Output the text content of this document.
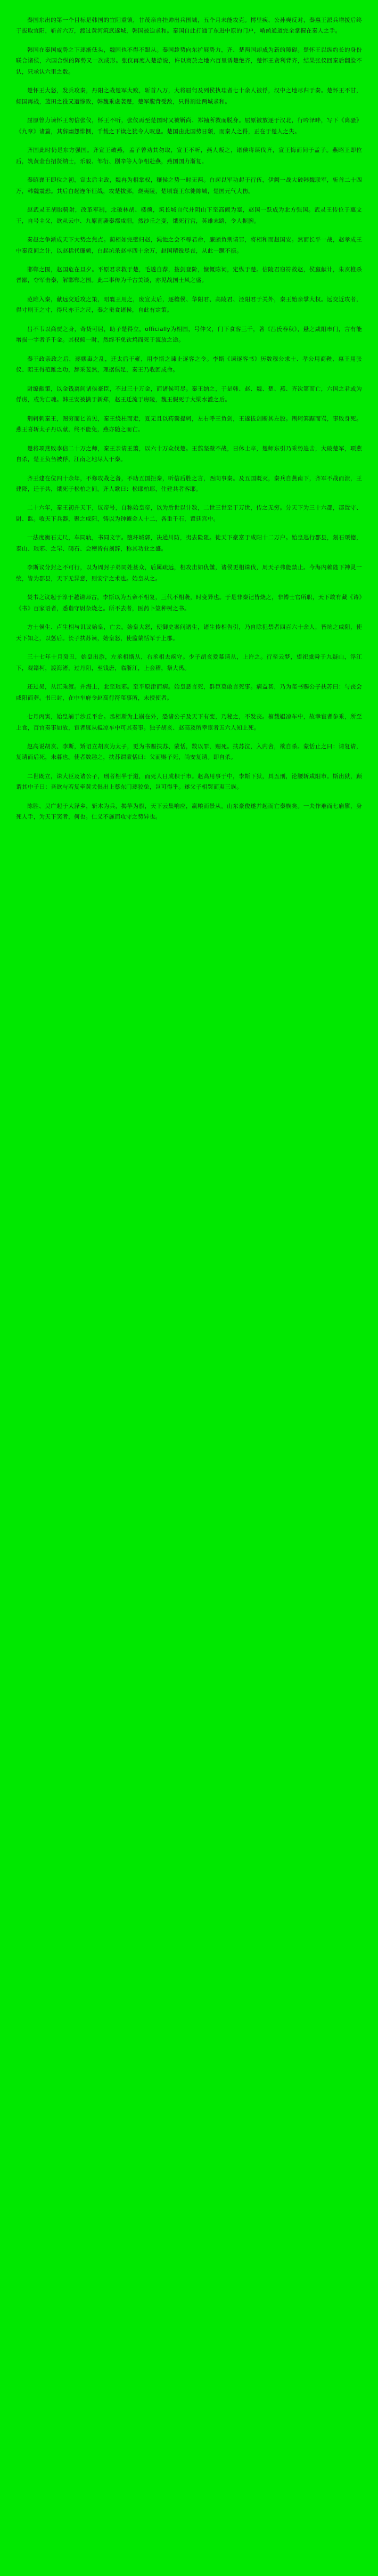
秦国东出的第一个目标是韩国的宜阳重镇，甘茂亲自挂帅出兵围城，五个月未能攻克。樗里疾、公孙奭反对，秦惠王派兵增援后终于拔取宜阳，斩首六万，渡过黄河筑武遂城，韩国被迫求和。秦国自此打通了东进中原的门户，崤函通道完全掌握在秦人之手。

韩国在秦国威势之下逐渐低头，魏国也不得不跟从。秦国趁势向东扩展势力，齐、楚两国却成为新的障碍。楚怀王以纵约长的身份联合诸侯，六国合纵的阵势又一次成形。张仪再度入楚游说，许以商於之地六百里诱楚绝齐，楚怀王贪利背齐，结果张仪回秦后翻脸不认，只承认六里之数。

楚怀王大怒，发兵攻秦，丹阳之战楚军大败，斩首八万，大将屈匄及列侯执珪者七十余人被俘，汉中之地尽归于秦。楚怀王不甘，倾国再战，蓝田之役又遭惨败，韩魏乘虚袭楚，楚军腹背受敌，只得割让两城求和。

屈原曾力谏怀王勿信张仪，怀王不听，张仪再至楚国时又被靳尚、郑袖所救而脱身。屈原被放逐于汉北，行吟泽畔，写下《离骚》《九章》诸篇，其辞幽怨悱恻，千载之下读之犹令人叹息。楚国由此国势日颓，而秦人之得，正在于楚人之失。

齐国此时仍是东方强国。齐宣王破燕，孟子曾劝其勿取，宣王不听，燕人叛之，诸侯将谋伐齐，宣王悔而问于孟子。燕昭王即位后，筑黄金台招贤纳士，乐毅、邹衍、剧辛等人争相赴燕，燕国国力渐复。

秦昭襄王即位之初，宣太后主政，魏冉为相掌权，穰侯之势一时无两。白起以军功起于行伍，伊阙一战大破韩魏联军，斩首二十四万，韩魏震恐。其后白起连年征战，攻楚拔郢，烧夷陵，楚顷襄王东徙陈城，楚国元气大伤。

赵武灵王胡服骑射，改革军制，北破林胡、楼烦，筑长城自代并阴山下至高阙为塞，赵国一跃成为北方强国。武灵王传位于惠文王，自号主父，欲从云中、九原南袭秦都咸阳，然沙丘之变，饿死行宫，英雄末路，令人扼腕。

秦赵之争渐成天下大势之焦点。蔺相如完璧归赵，渑池之会不辱君命，廉颇负荆请罪，将相和而赵国安。然而长平一战，赵孝成王中秦反间之计，以赵括代廉颇，白起坑杀赵卒四十余万，赵国精锐尽丧，从此一蹶不振。

邯郸之围，赵国危在旦夕。平原君求救于楚，毛遂自荐，按剑登阶，慷慨陈词，定纵于楚。信陵君窃符救赵，侯嬴献计，朱亥椎杀晋鄙，夺军击秦，解邯郸之围。此二事传为千古美谈，亦见战国士风之盛。

范雎入秦，献远交近攻之策，昭襄王用之，废宣太后，逐穰侯、华阳君、高陵君、泾阳君于关外，秦王始亲掌大权。远交近攻者，得寸则王之寸，得尺亦王之尺，秦之蚕食诸侯，自此有定策。

吕不韦以商贾之身，奇货可居，助子楚得立，officially为相国，号仲父，门下食客三千，著《吕氏春秋》，悬之咸阳市门，言有能增损一字者予千金。其权倾一时，然终不免饮鸩而死于流放之途。

秦王政亲政之后，逐嫪毐之乱，迁太后于雍，用李斯之谏止逐客之令。李斯《谏逐客书》历数穆公求士、孝公用商鞅、惠王用张仪、昭王得范雎之功，辞采斐然，理据俱足，秦王乃收回成命。

尉缭献策，以金钱离间诸侯豪臣，不过三十万金，而诸侯可尽。秦王纳之，于是韩、赵、魏、楚、燕、齐次第而亡，六国之君或为俘虏，或为亡魂。韩王安被擒于新郑，赵王迁流于房陵，魏王假死于大梁水灌之后。

荆轲刺秦王，图穷而匕首见，秦王绕柱而走，夏无且以药囊提轲，左右呼王负剑，王遂拔剑断其左股。荆轲箕踞而骂，事败身死。燕王喜斩太子丹以献，终不能免，燕亦随之而亡。

楚将项燕败李信二十万之师，秦王亲请王翦，以六十万众伐楚。王翦坚壁不战，日休士卒，楚师东引乃乘势追击，大破楚军，项燕自杀，楚王负刍被俘，江南之地尽入于秦。

齐王建在位四十余年，不修攻战之备，不助五国拒秦，听信后胜之言，西向事秦。及五国既灭，秦兵自燕南下，齐军不战而溃，王建降，迁于共，饿死于松柏之间。齐人歌曰：松耶柏耶，住建共者客耶。

二十六年，秦王初并天下，议帝号，自称始皇帝，以为后世以计数，二世三世至于万世，传之无穷。分天下为三十六郡，郡置守、尉、监。收天下兵器，聚之咸阳，铸以为钟鐻金人十二，各重千石，置廷宫中。

一法度衡石丈尺，车同轨，书同文字。堕坏城郭，决通川防，夷去险阻。徙天下豪富于咸阳十二万户。始皇巡行郡县，刻石颂德，泰山、琅邪、之罘、碣石、会稽皆有刻辞，称其功业之盛。

李斯议分封之不可行，以为周封子弟同姓甚众，后属疏远，相攻击如仇雠，诸侯更相诛伐，周天子弗能禁止。今海内赖陛下神灵一统，皆为郡县，天下无异意，则安宁之术也。始皇从之。

焚书之议起于淳于越请师古，李斯以为五帝不相复，三代不相袭，时变异也。于是非秦记皆烧之，非博士官所职，天下敢有藏《诗》《书》百家语者，悉诣守尉杂烧之。所不去者，医药卜筮种树之书。

方士侯生、卢生相与讥议始皇，亡去。始皇大怒，使御史案问诸生，诸生传相告引，乃自除犯禁者四百六十余人，皆坑之咸阳，使天下知之，以惩后。长子扶苏谏，始皇怒，使监蒙恬军于上郡。

三十七年十月癸丑，始皇出游，左丞相斯从，右丞相去疾守。少子胡亥爱慕请从，上许之。行至云梦，望祀虞舜于九疑山，浮江下，观籍柯，渡海渚，过丹阳，至钱唐，临浙江，上会稽，祭大禹。

还过吴，从江乘渡。并海上，北至琅邪。至平原津而病。始皇恶言死，群臣莫敢言死事。病益甚，乃为玺书赐公子扶苏曰：与丧会咸阳而葬。书已封，在中车府令赵高行符玺事所，未授使者。

七月丙寅，始皇崩于沙丘平台。丞相斯为上崩在外，恐诸公子及天下有变，乃秘之，不发丧。棺载辒凉车中，故幸宦者参乘，所至上食，百官奏事如故，宦者辄从辒凉车中可其奏事。独子胡亥、赵高及所幸宦者五六人知上死。

赵高说胡亥、李斯，矫诏立胡亥为太子，更为书赐扶苏、蒙恬，数以罪，赐死。扶苏泣，入内舍，欲自杀。蒙恬止之曰：请复请，复请而后死，未暮也。使者数趣之，扶苏谓蒙恬曰：父而赐子死，尚安复请。即自杀。

二世既立，诛大臣及诸公子，刑者相半于道，而死人日成积于市。赵高用事于中，李斯下狱，具五刑，论腰斩咸阳市。斯出狱，顾谓其中子曰：吾欲与若复牵黄犬俱出上蔡东门逐狡兔，岂可得乎。遂父子相哭而夷三族。

陈胜、吴广起于大泽乡，斩木为兵，揭竿为旗，天下云集响应，赢粮而景从。山东豪俊遂并起而亡秦族矣。一夫作难而七庙隳，身死人手，为天下笑者，何也。仁义不施而攻守之势异也。
